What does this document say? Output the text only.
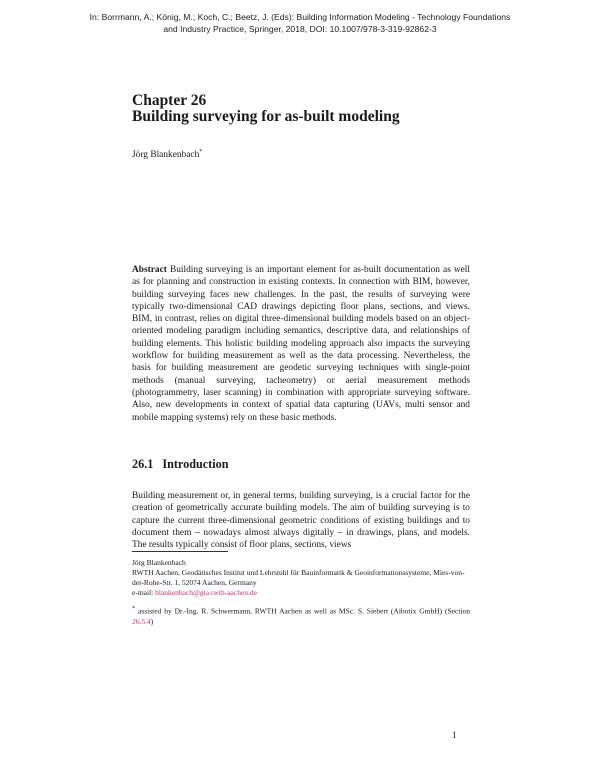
In: Borrmann, A.; König, M.; Koch, C.; Beetz, J. (Eds): Building Information Modeling - Technology Foundations
and Industry Practice, Springer, 2018, DOI: 10.1007/978-3-319-92862-3
Chapter 26
Building surveying for as-built modeling
Jörg Blankenbach*
Abstract Building surveying is an important element for as-built documentation as well as for planning and construction in existing contexts. In connection with BIM, however, building surveying faces new challenges. In the past, the results of surveying were typically two-dimensional CAD drawings depicting floor plans, sections, and views. BIM, in contrast, relies on digital three-dimensional building models based on an object-oriented modeling paradigm including semantics, descriptive data, and relationships of building elements. This holistic building modeling approach also impacts the surveying workflow for building measurement as well as the data processing. Nevertheless, the basis for building measurement are geodetic surveying techniques with single-point methods (manual surveying, tacheometry) or aerial measurement methods (photogrammetry, laser scanning) in combination with appropriate surveying software. Also, new developments in context of spatial data capturing (UAVs, multi sensor and mobile mapping systems) rely on these basic methods.
26.1 Introduction
Building measurement or, in general terms, building surveying, is a crucial factor for the creation of geometrically accurate building models. The aim of building surveying is to capture the current three-dimensional geometric conditions of existing buildings and to document them – nowadays almost always digitally – in drawings, plans, and models. The results typically consist of floor plans, sections, views
Jörg Blankenbach
RWTH Aachen, Geodätisches Institut und Lehrstuhl für Bauinformatik & Geoinformationssysteme, Mies-von-der-Rohe-Str. 1, 52074 Aachen, Germany
e-mail: blankenbach@gia.rwth-aachen.de
* assisted by Dr.-Ing. R. Schwermann, RWTH Aachen as well as MSc. S. Siebert (Aibotix GmbH) (Section 26.5.4)
1
